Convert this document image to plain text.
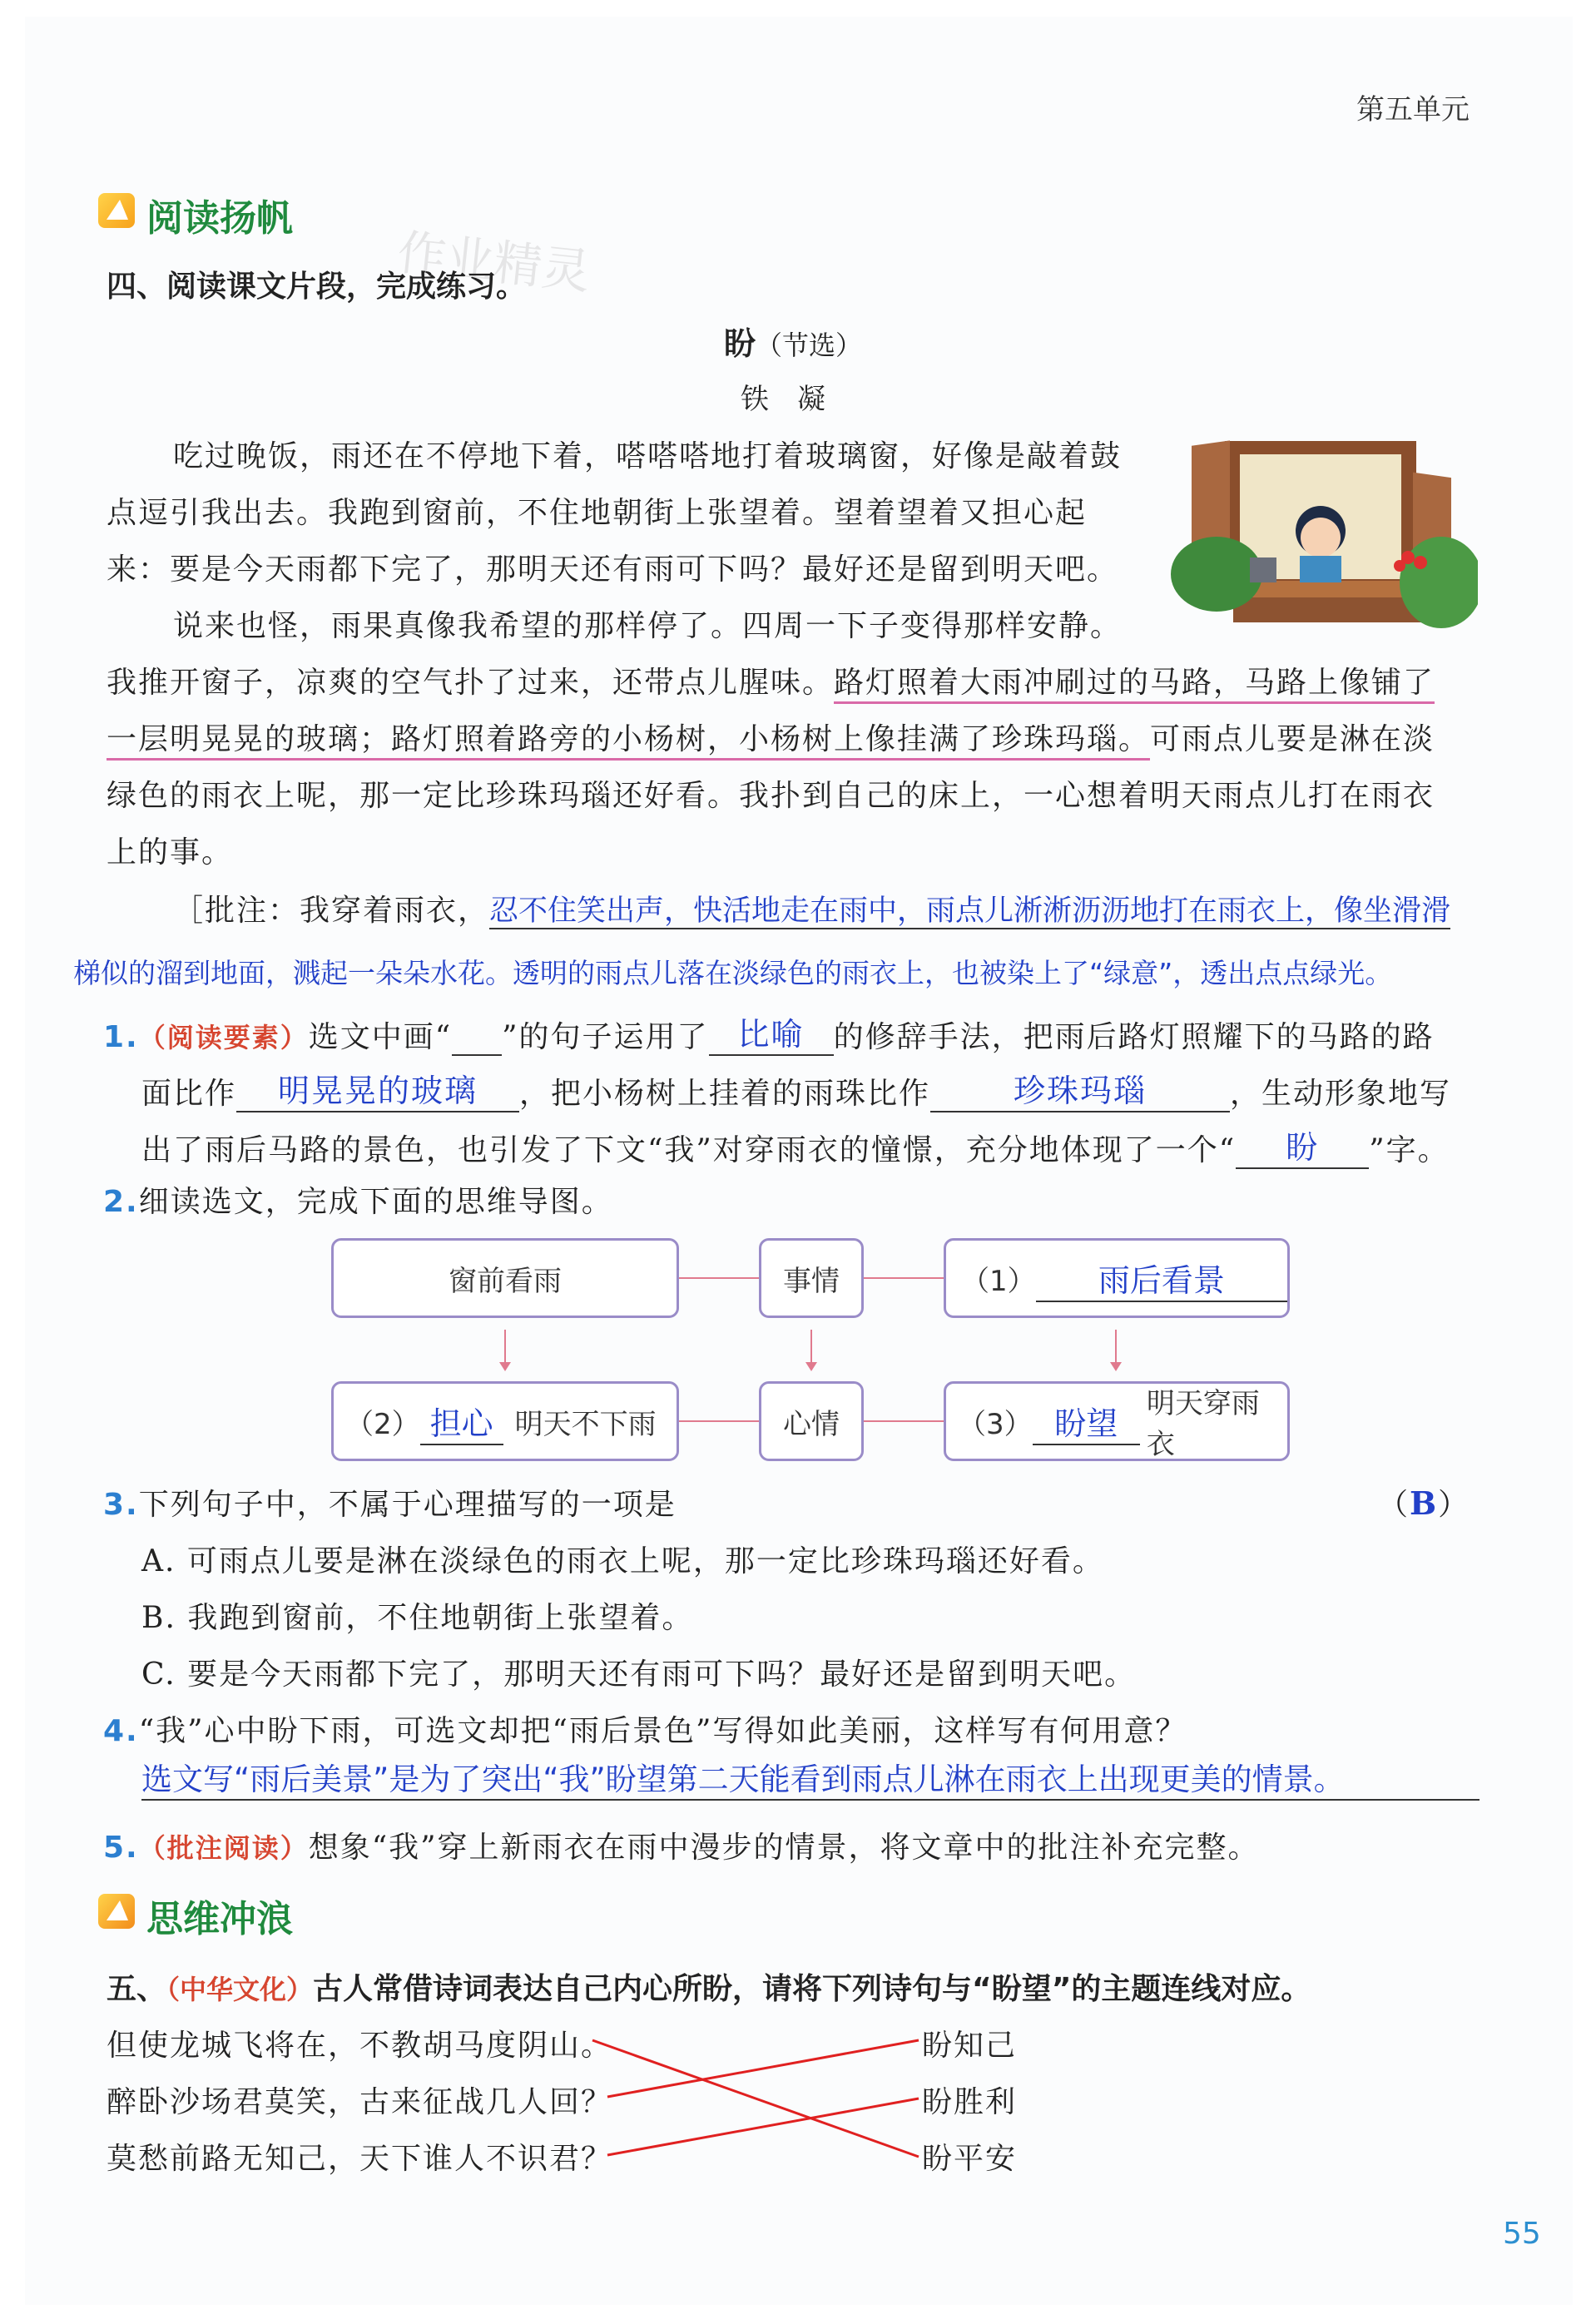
第五单元
阅读扬帆
作业精灵
四、阅读课文片段，完成练习。
盼（节选）
铁　凝
吃过晚饭，雨还在不停地下着，嗒嗒嗒地打着玻璃窗，好像是敲着鼓
点逗引我出去。我跑到窗前，不住地朝街上张望着。望着望着又担心起
来：要是今天雨都下完了，那明天还有雨可下吗？最好还是留到明天吧。
说来也怪，雨果真像我希望的那样停了。四周一下子变得那样安静。
我推开窗子，凉爽的空气扑了过来，还带点儿腥味。路灯照着大雨冲刷过的马路，马路上像铺了
一层明晃晃的玻璃；路灯照着路旁的小杨树，小杨树上像挂满了珍珠玛瑙。可雨点儿要是淋在淡
绿色的雨衣上呢，那一定比珍珠玛瑙还好看。我扑到自己的床上，一心想着明天雨点儿打在雨衣
上的事。
［批注：我穿着雨衣，忍不住笑出声，快活地走在雨中，雨点儿淅淅沥沥地打在雨衣上，像坐滑滑
梯似的溜到地面，溅起一朵朵水花。透明的雨点儿落在淡绿色的雨衣上，也被染上了“绿意”，透出点点绿光。
1.（阅读要素）选文中画“ ”的句子运用了 比喻 的修辞手法，把雨后路灯照耀下的马路的路
面比作 明晃晃的玻璃 ，把小杨树上挂着的雨珠比作	珍珠玛瑙	，生动形象地写
出了雨后马路的景色，也引发了下文“我”对穿雨衣的憧憬，充分地体现了一个“ 盼 ”字。
2.细读选文，完成下面的思维导图。
窗前看雨	事情	（1）	雨后看景
（2） 担心 明天不下雨	心情	（3） 盼望
明天穿雨衣
3.下列句子中，不属于心理描写的一项是	（B）
A. 可雨点儿要是淋在淡绿色的雨衣上呢，那一定比珍珠玛瑙还好看。
B. 我跑到窗前，不住地朝街上张望着。
C. 要是今天雨都下完了，那明天还有雨可下吗？最好还是留到明天吧。
4.“我”心中盼下雨，可选文却把“雨后景色”写得如此美丽，这样写有何用意？
选文写“雨后美景”是为了突出“我”盼望第二天能看到雨点儿淋在雨衣上出现更美的情景。
5.（批注阅读）想象“我”穿上新雨衣在雨中漫步的情景，将文章中的批注补充完整。
思维冲浪
五、（中华文化）古人常借诗词表达自己内心所盼，请将下列诗句与“盼望”的主题连线对应。
但使龙城飞将在，不教胡马度阴山。
醉卧沙场君莫笑，古来征战几人回？
莫愁前路无知己，天下谁人不识君？
盼知己
盼胜利
盼平安
55
